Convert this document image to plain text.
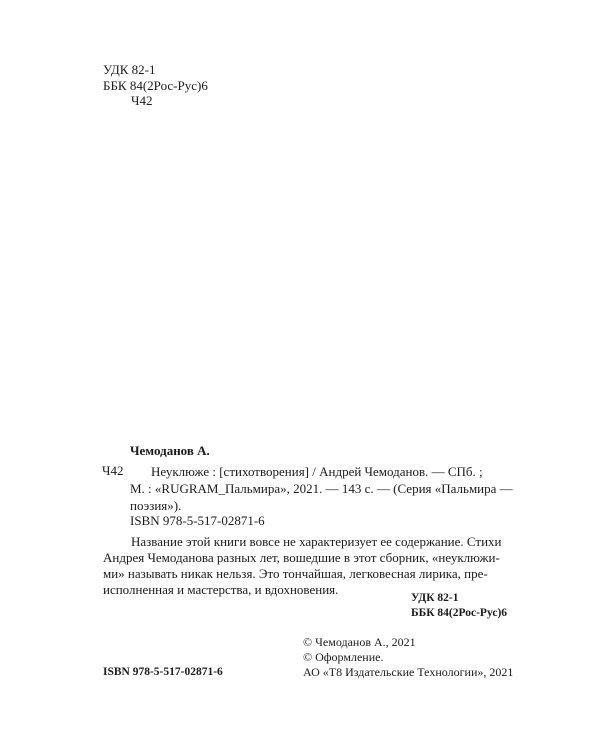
УДК 82-1
ББК 84(2Рос-Рус)6
Ч42
Чемоданов А.
Ч42 Неуклюже : [стихотворения] / Андрей Чемоданов. — СПб. ;
М. : «RUGRAM_Пальмира», 2021. — 143 с. — (Серия «Пальмира —
поэзия»).
ISBN 978-5-517-02871-6
Название этой книги вовсе не характеризует ее содержание. Стихи
Андрея Чемоданова разных лет, вошедшие в этот сборник, «неуклюжи-
ми» называть никак нельзя. Это тончайшая, легковесная лирика, пре-
исполненная и мастерства, и вдохновения.
УДК 82-1
ББК 84(2Рос-Рус)6
© Чемоданов А., 2021
© Оформление.
АО «Т8 Издательские Технологии», 2021
ISBN 978-5-517-02871-6
